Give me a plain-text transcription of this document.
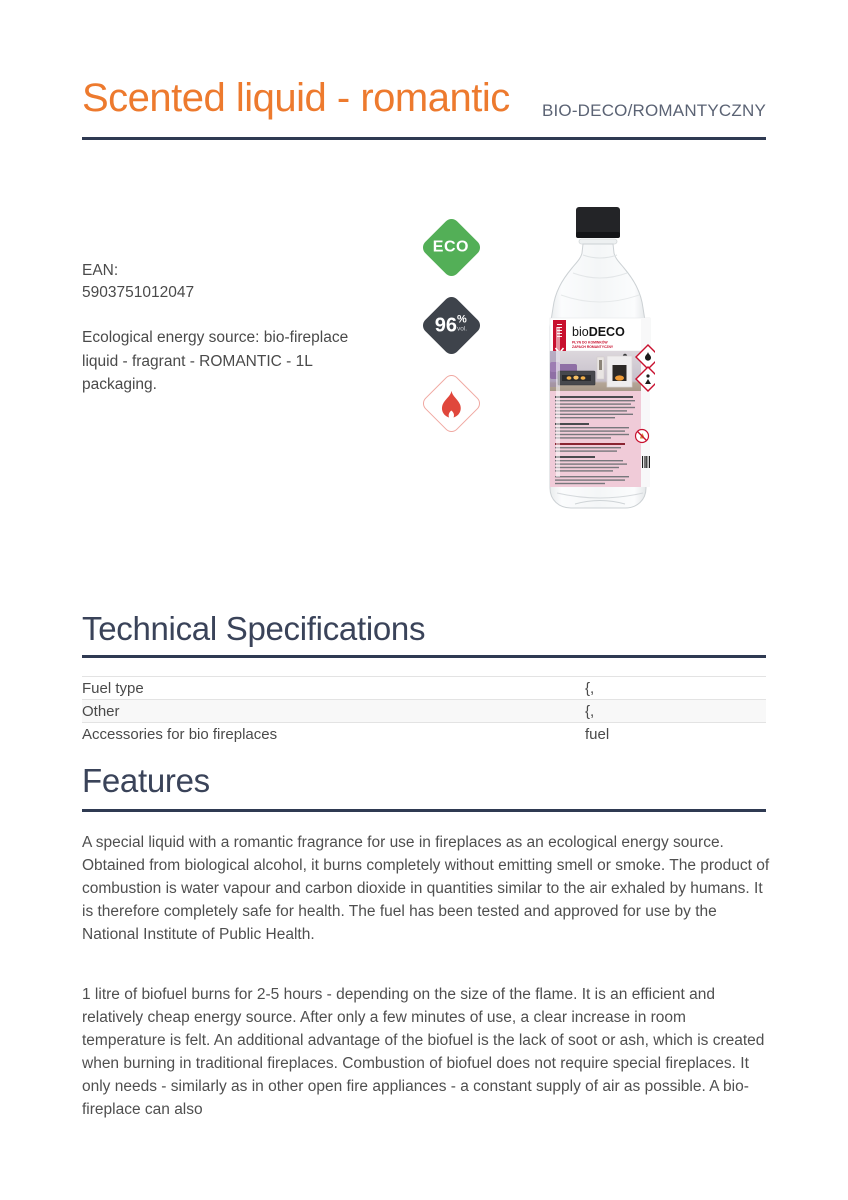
Scented liquid - romantic BIO-DECO/ROMANTYCZNY
EAN:
5903751012047

Ecological energy source: bio-fireplace liquid - fragrant - ROMANTIC - 1L packaging.

ECO
96 %
vol.	bioDECO
PŁYN DO KOMINKÓW
ZAPACH ROMANTYCZNY
Technical Specifications
Fuel type	{,
Other	{,
Accessories for bio fireplaces	fuel
Features

A special liquid with a romantic fragrance for use in fireplaces as an ecological energy source. Obtained from biological alcohol, it burns completely without emitting smell or smoke. The product of combustion is water vapour and carbon dioxide in quantities similar to the air exhaled by humans. It is therefore completely safe for health. The fuel has been tested and approved for use by the National Institute of Public Health.

1 litre of biofuel burns for 2-5 hours - depending on the size of the flame. It is an efficient and relatively cheap energy source. After only a few minutes of use, a clear increase in room temperature is felt. An additional advantage of the biofuel is the lack of soot or ash, which is created when burning in traditional fireplaces. Combustion of biofuel does not require special fireplaces. It only needs - similarly as in other open fire appliances - a constant supply of air as possible. A bio-fireplace can also
